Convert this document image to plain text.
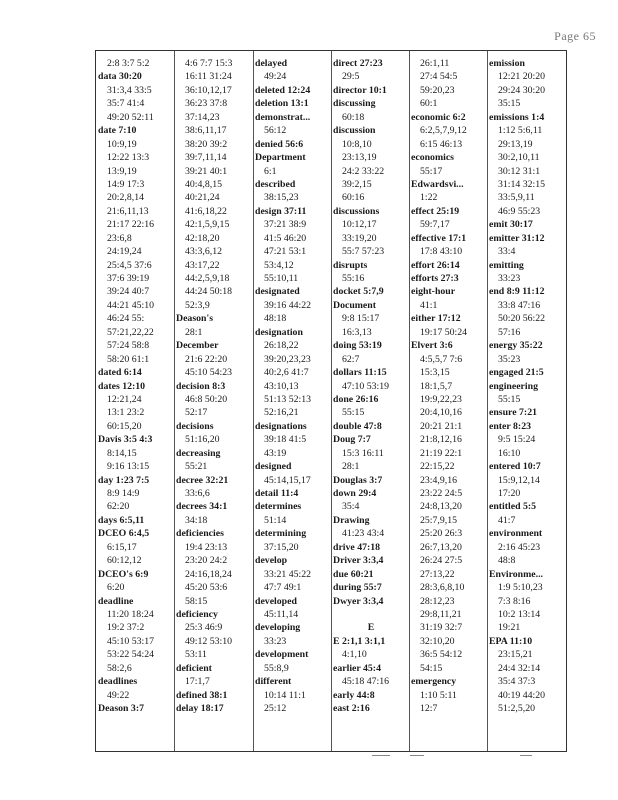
Page 65
2:8 3:7 5:2
data 30:20
31:3,4 33:5
35:7 41:4
49:20 52:11
date 7:10
10:9,19
12:22 13:3
13:9,19
14:9 17:3
20:2,8,14
21:6,11,13
21:17 22:16
23:6,8
24:19,24
25:4,5 37:6
37:6 39:19
39:24 40:7
44:21 45:10
46:24 55:
57:21,22,22
57:24 58:8
58:20 61:1
dated 6:14
dates 12:10
12:21,24
13:1 23:2
60:15,20
Davis 3:5 4:3
8:14,15
9:16 13:15
day 1:23 7:5
8:9 14:9
62:20
days 6:5,11
DCEO 6:4,5
6:15,17
60:12,12
DCEO's 6:9
6:20
deadline
11:20 18:24
19:2 37:2
45:10 53:17
53:22 54:24
58:2,6
deadlines
49:22
Deason 3:7
4:6 7:7 15:3
16:11 31:24
36:10,12,17
36:23 37:8
37:14,23
38:6,11,17
38:20 39:2
39:7,11,14
39:21 40:1
40:4,8,15
40:21,24
41:6,18,22
42:1,5,9,15
42:18,20
43:3,6,12
43:17,22
44:2,5,9,18
44:24 50:18
52:3,9
Deason's
28:1
December
21:6 22:20
45:10 54:23
decision 8:3
46:8 50:20
52:17
decisions
51:16,20
decreasing
55:21
decree 32:21
33:6,6
decrees 34:1
34:18
deficiencies
19:4 23:13
23:20 24:2
24:16,18,24
45:20 53:6
58:15
deficiency
25:3 46:9
49:12 53:10
53:11
deficient
17:1,7
defined 38:1
delay 18:17
delayed
49:24
deleted 12:24
deletion 13:1
demonstrat...
56:12
denied 56:6
Department
6:1
described
38:15,23
design 37:11
37:21 38:9
41:5 46:20
47:21 53:1
53:4,12
55:10,11
designated
39:16 44:22
48:18
designation
26:18,22
39:20,23,23
40:2,6 41:7
43:10,13
51:13 52:13
52:16,21
designations
39:18 41:5
43:19
designed
45:14,15,17
detail 11:4
determines
51:14
determining
37:15,20
develop
33:21 45:22
47:7 49:1
developed
45:11,14
developing
33:23
development
55:8,9
different
10:14 11:1
25:12
direct 27:23
29:5
director 10:1
discussing
60:18
discussion
10:8,10
23:13,19
24:2 33:22
39:2,15
60:16
discussions
10:12,17
33:19,20
55:7 57:23
disrupts
55:16
docket 5:7,9
Document
9:8 15:17
16:3,13
doing 53:19
62:7
dollars 11:15
47:10 53:19
done 26:16
55:15
double 47:8
Doug 7:7
15:3 16:11
28:1
Douglas 3:7
down 29:4
35:4
Drawing
41:23 43:4
drive 47:18
Driver 3:3,4
due 60:21
during 55:7
Dwyer 3:3,4
E
E 2:1,1 3:1,1
4:1,10
earlier 45:4
45:18 47:16
early 44:8
east 2:16
26:1,11
27:4 54:5
59:20,23
60:1
economic 6:2
6:2,5,7,9,12
6:15 46:13
economics
55:17
Edwardsvi...
1:22
effect 25:19
59:7,17
effective 17:1
17:8 43:10
effort 26:14
efforts 27:3
eight-hour
41:1
either 17:12
19:17 50:24
Elvert 3:6
4:5,5,7 7:6
15:3,15
18:1,5,7
19:9,22,23
20:4,10,16
20:21 21:1
21:8,12,16
21:19 22:1
22:15,22
23:4,9,16
23:22 24:5
24:8,13,20
25:7,9,15
25:20 26:3
26:7,13,20
26:24 27:5
27:13,22
28:3,6,8,10
28:12,23
29:8,11,21
31:19 32:7
32:10,20
36:5 54:12
54:15
emergency
1:10 5:11
12:7
emission
12:21 20:20
29:24 30:20
35:15
emissions 1:4
1:12 5:6,11
29:13,19
30:2,10,11
30:12 31:1
31:14 32:15
33:5,9,11
46:9 55:23
emit 30:17
emitter 31:12
33:4
emitting
33:23
end 8:9 11:12
33:8 47:16
50:20 56:22
57:16
energy 35:22
35:23
engaged 21:5
engineering
55:15
ensure 7:21
enter 8:23
9:5 15:24
16:10
entered 10:7
15:9,12,14
17:20
entitled 5:5
41:7
environment
2:16 45:23
48:8
Environme...
1:9 5:10,23
7:3 8:16
10:2 13:14
19:21
EPA 11:10
23:15,21
24:4 32:14
35:4 37:3
40:19 44:20
51:2,5,20
